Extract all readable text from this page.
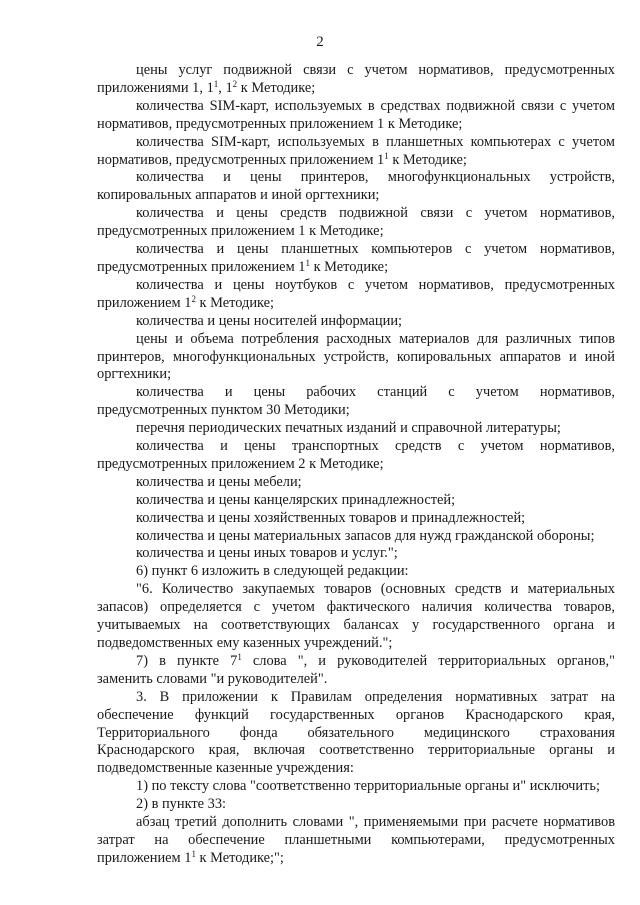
2
цены услуг подвижной связи с учетом нормативов, предусмотренных
приложениями 1, $1^1$, $1^2$ к Методике;
количества SIM-карт, используемых в средствах подвижной связи с учетом
нормативов, предусмотренных приложением 1 к Методике;
количества SIM-карт, используемых в планшетных компьютерах с учетом
нормативов, предусмотренных приложением $1^1$ к Методике;
количества и цены принтеров, многофункциональных устройств,
копировальных аппаратов и иной оргтехники;
количества и цены средств подвижной связи с учетом нормативов,
предусмотренных приложением 1 к Методике;
количества и цены планшетных компьютеров с учетом нормативов,
предусмотренных приложением $1^1$ к Методике;
количества и цены ноутбуков с учетом нормативов, предусмотренных
приложением $1^2$ к Методике;
количества и цены носителей информации;
цены и объема потребления расходных материалов для различных типов
принтеров, многофункциональных устройств, копировальных аппаратов и иной
оргтехники;
количества и цены рабочих станций с учетом нормативов,
предусмотренных пунктом 30 Методики;
перечня периодических печатных изданий и справочной литературы;
количества и цены транспортных средств с учетом нормативов,
предусмотренных приложением 2 к Методике;
количества и цены мебели;
количества и цены канцелярских принадлежностей;
количества и цены хозяйственных товаров и принадлежностей;
количества и цены материальных запасов для нужд гражданской обороны;
количества и цены иных товаров и услуг.";
6) пункт 6 изложить в следующей редакции:
"6. Количество закупаемых товаров (основных средств и материальных
запасов) определяется с учетом фактического наличия количества товаров,
учитываемых на соответствующих балансах у государственного органа и
подведомственных ему казенных учреждений.";
7) в пункте $7^1$ слова ", и руководителей территориальных органов,"
заменить словами "и руководителей".
3. В приложении к Правилам определения нормативных затрат на
обеспечение функций государственных органов Краснодарского края,
Территориального фонда обязательного медицинского страхования
Краснодарского края, включая соответственно территориальные органы и
подведомственные казенные учреждения:
1) по тексту слова "соответственно территориальные органы и" исключить;
2) в пункте 33:
абзац третий дополнить словами ", применяемыми при расчете нормативов
затрат на обеспечение планшетными компьютерами, предусмотренных
приложением $1^1$ к Методике;";
